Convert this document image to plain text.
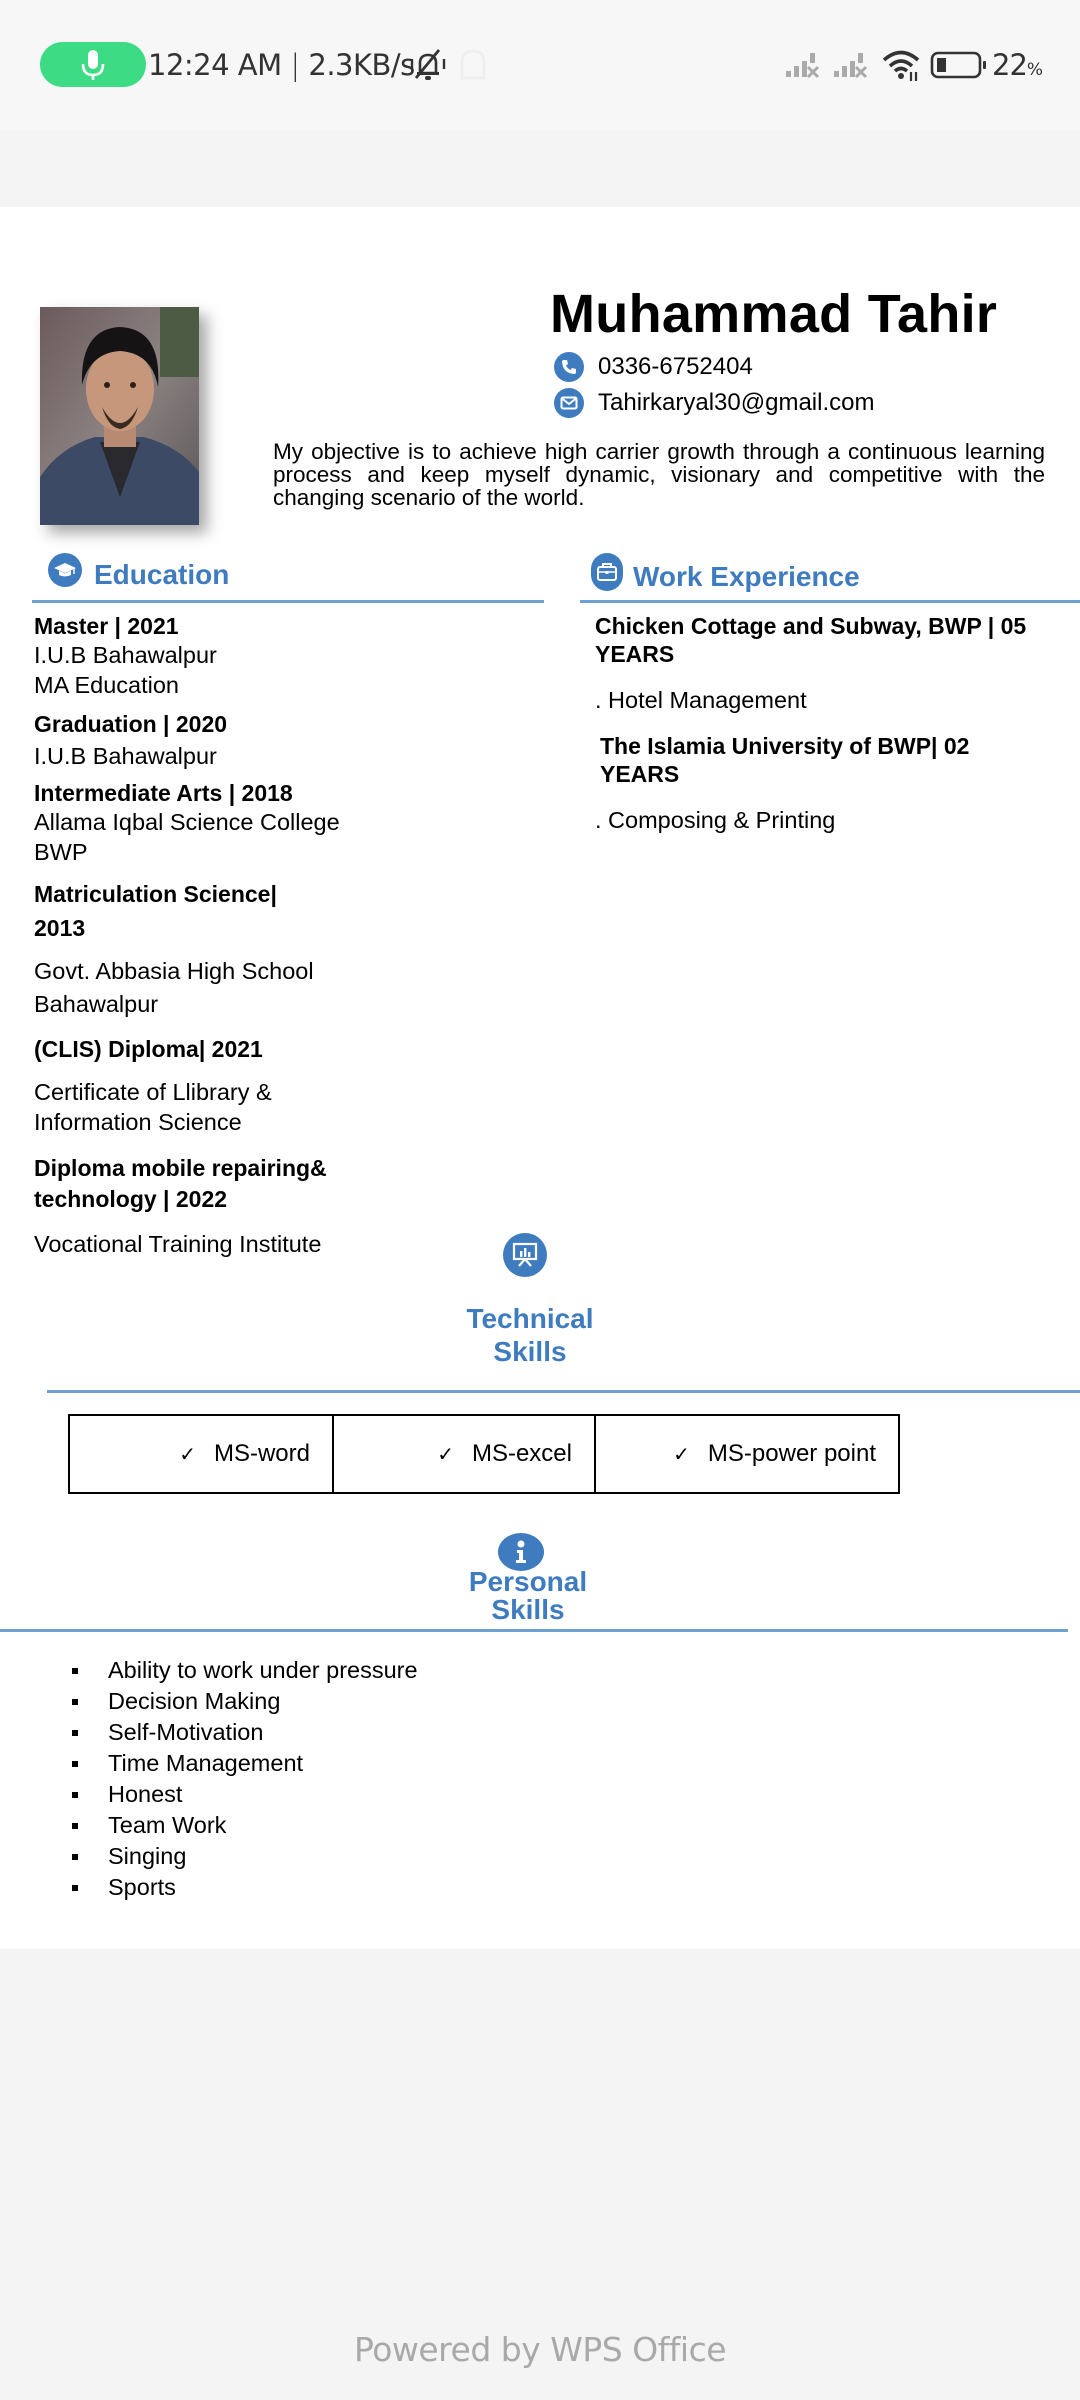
12:24 AM | 2.3KB/s	22%
Muhammad Tahir
0336-6752404
Tahirkaryal30@gmail.com
My objective is to achieve high carrier growth through a continuous learning process and keep myself dynamic, visionary and competitive with the changing scenario of the world.
Education
Master | 2021
I.U.B Bahawalpur
MA Education
Graduation | 2020
I.U.B Bahawalpur
Intermediate Arts | 2018
Allama Iqbal Science College
BWP
Matriculation Science|
2013
Govt. Abbasia High School
Bahawalpur
(CLIS) Diploma| 2021
Certificate of Llibrary &
Information Science
Diploma mobile repairing&
technology | 2022
Vocational Training Institute
Work Experience
Chicken Cottage and Subway, BWP | 05
YEARS
. Hotel Management
The Islamia University of BWP| 02
YEARS
. Composing & Printing
Technical
Skills
✓ MS-word	✓ MS-excel	✓ MS-power point
Personal
Skills
Ability to work under pressure
Decision Making
Self-Motivation
Time Management
Honest
Team Work
Singing
Sports
Powered by WPS Office
